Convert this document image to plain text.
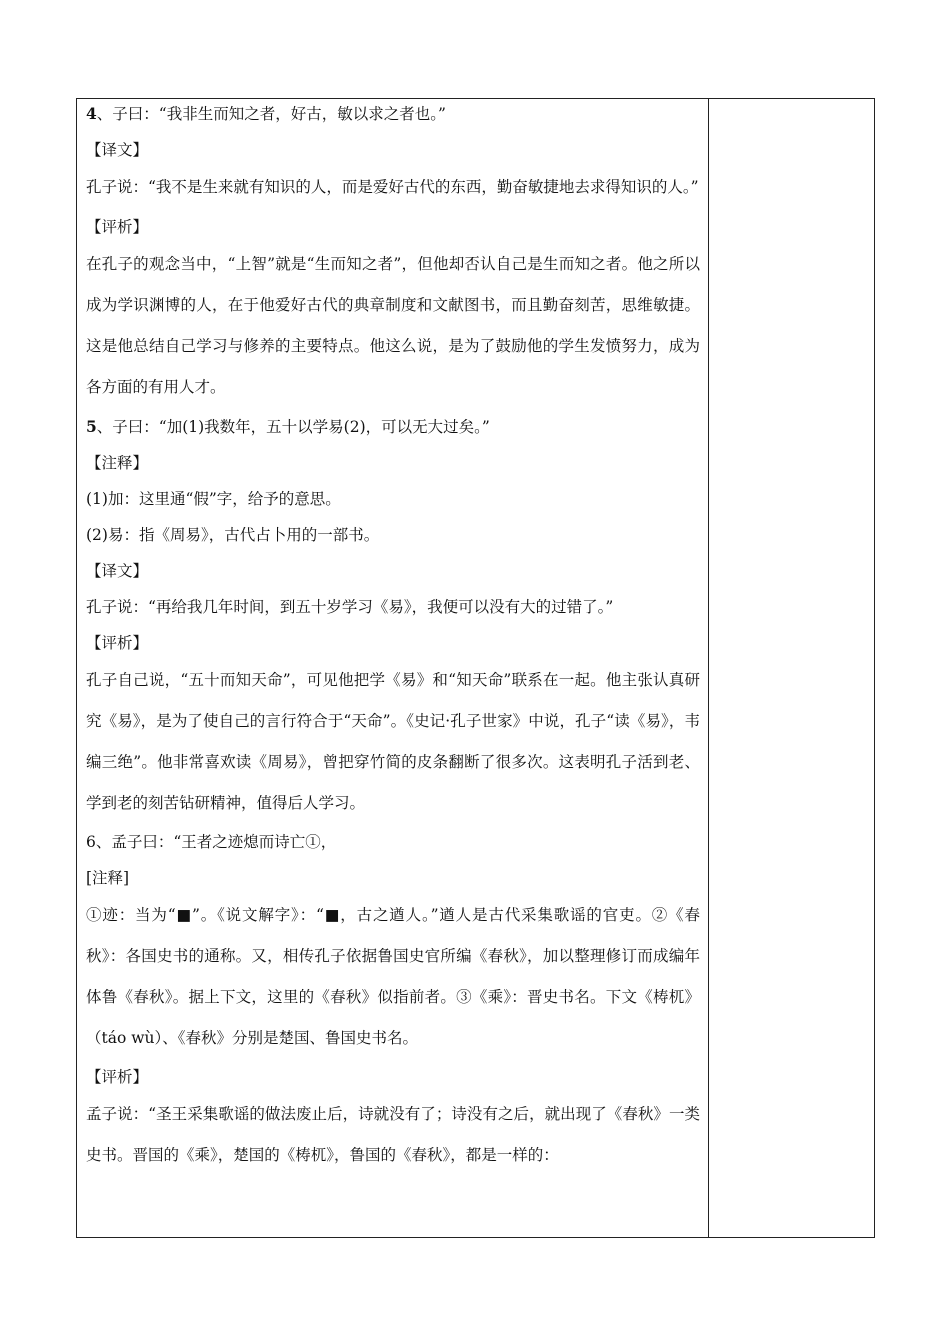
4、子曰：“我非生而知之者，好古，敏以求之者也。”

【译文】

孔子说：“我不是生来就有知识的人，而是爱好古代的东西，勤奋敏捷地去求得知识的人。”

【评析】

在孔子的观念当中，“上智”就是“生而知之者”，但他却否认自己是生而知之者。他之所以成为学识渊博的人，在于他爱好古代的典章制度和文献图书，而且勤奋刻苦，思维敏捷。这是他总结自己学习与修养的主要特点。他这么说，是为了鼓励他的学生发愤努力，成为各方面的有用人才。

5、子曰：“加(1)我数年，五十以学易(2)，可以无大过矣。”

【注释】

(1)加：这里通“假”字，给予的意思。

(2)易：指《周易》，古代占卜用的一部书。

【译文】

孔子说：“再给我几年时间，到五十岁学习《易》，我便可以没有大的过错了。”

【评析】

孔子自己说，“五十而知天命”，可见他把学《易》和“知天命”联系在一起。他主张认真研究《易》，是为了使自己的言行符合于“天命”。《史记·孔子世家》中说，孔子“读《易》，韦编三绝”。他非常喜欢读《周易》，曾把穿竹简的皮条翻断了很多次。这表明孔子活到老、学到老的刻苦钻研精神，值得后人学习。

6、孟子曰：“王者之迹熄而诗亡①，

[注释]

①迹：当为“■”。《说文解字》：“■，古之遒人。”遒人是古代采集歌谣的官吏。②《春秋》：各国史书的通称。又，相传孔子依据鲁国史官所编《春秋》，加以整理修订而成编年体鲁《春秋》。据上下文，这里的《春秋》似指前者。③《乘》：晋史书名。下文《梼杌》（táo wù）、《春秋》分别是楚国、鲁国史书名。

【评析】

孟子说：“圣王采集歌谣的做法废止后，诗就没有了；诗没有之后，就出现了《春秋》一类史书。晋国的《乘》，楚国的《梼杌》，鲁国的《春秋》，都是一样的：
